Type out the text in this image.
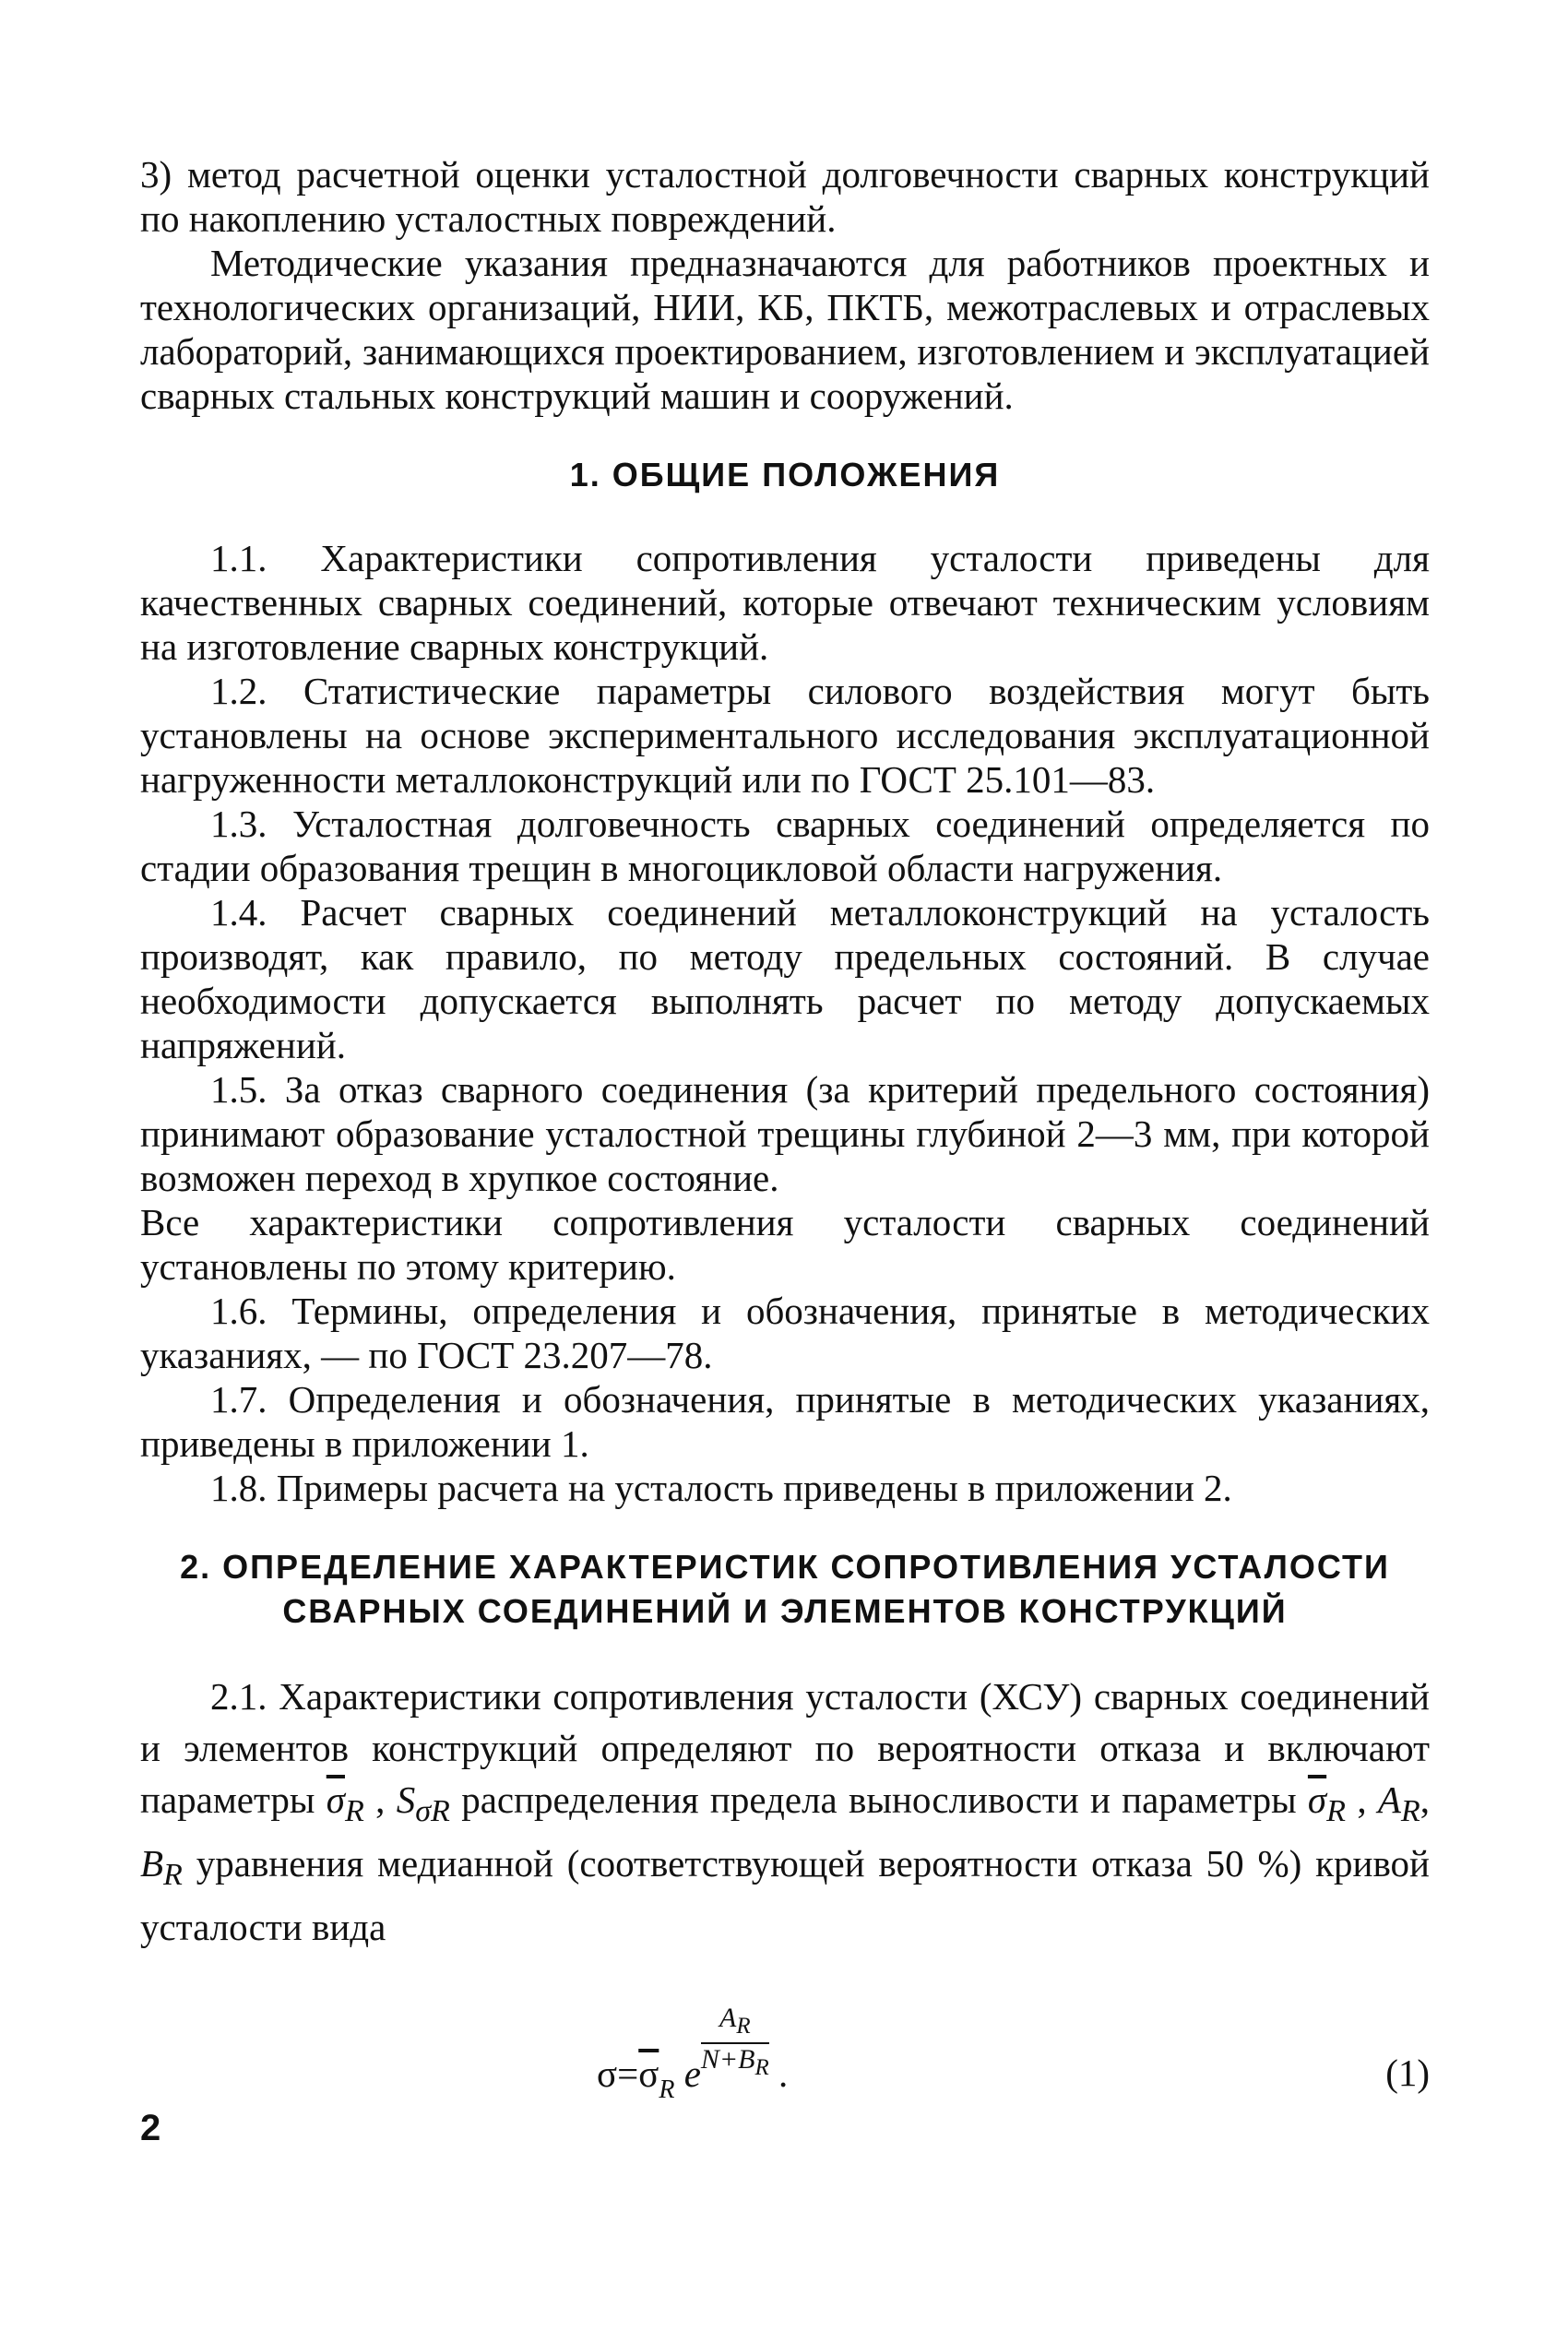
3) метод расчетной оценки усталостной долговечности сварных конструкций по накоплению усталостных повреждений.

Методические указания предназначаются для работников проектных и технологических организаций, НИИ, КБ, ПКТБ, межотраслевых и отраслевых лабораторий, занимающихся проектированием, изготовлением и эксплуатацией сварных стальных конструкций машин и сооружений.

1. ОБЩИЕ ПОЛОЖЕНИЯ

1.1. Характеристики сопротивления усталости приведены для качественных сварных соединений, которые отвечают техническим условиям на изготовление сварных конструкций.

1.2. Статистические параметры силового воздействия могут быть установлены на основе экспериментального исследования эксплуатационной нагруженности металлоконструкций или по ГОСТ 25.101—83.

1.3. Усталостная долговечность сварных соединений определяется по стадии образования трещин в многоцикловой области нагружения.

1.4. Расчет сварных соединений металлоконструкций на усталость производят, как правило, по методу предельных состояний. В случае необходимости допускается выполнять расчет по методу допускаемых напряжений.

1.5. За отказ сварного соединения (за критерий предельного состояния) принимают образование усталостной трещины глубиной 2—3 мм, при которой возможен переход в хрупкое состояние.

Все характеристики сопротивления усталости сварных соединений установлены по этому критерию.

1.6. Термины, определения и обозначения, принятые в методических указаниях, — по ГОСТ 23.207—78.

1.7. Определения и обозначения, принятые в методических указаниях, приведены в приложении 1.

1.8. Примеры расчета на усталость приведены в приложении 2.

2. ОПРЕДЕЛЕНИЕ ХАРАКТЕРИСТИК СОПРОТИВЛЕНИЯ УСТАЛОСТИ
СВАРНЫХ СОЕДИНЕНИЙ И ЭЛЕМЕНТОВ КОНСТРУКЦИЙ

2.1. Характеристики сопротивления усталости (ХСУ) сварных соединений и элементов конструкций определяют по вероятности отказа и включают параметры $\overline{\sigma}_R$ , $S_{\sigma R}$ распределения предела выносливости и параметры $\overline{\sigma}_R$ , $A_R$, $B_R$ уравнения медианной (соответствующей вероятности отказа 50 %) кривой усталости вида

$\sigma=\overline{\sigma}_R$ e $\frac{A_R}{N+B_R}$ .	(1)
2
